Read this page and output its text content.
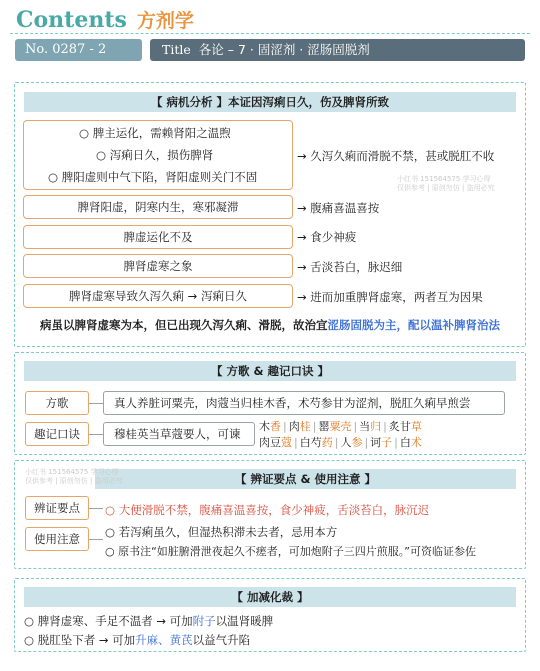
Contents 方剂学
No. 0287 - 2	Title 各论 – 7 · 固涩剂 · 涩肠固脱剂
【 病机分析 】本证因泻痢日久，伤及脾肾所致
○ 脾主运化，需赖肾阳之温煦
○ 泻痢日久，损伤脾肾
○ 脾阳虚则中气下陷，肾阳虚则关门不固
→ 久泻久痢而滑脱不禁，甚或脱肛不收
脾肾阳虚，阴寒内生，寒邪凝滞	→ 腹痛喜温喜按
脾虚运化不及	→ 食少神疲
脾肾虚寒之象	→ 舌淡苔白，脉迟细
脾肾虚寒导致久泻久痢 → 泻痢日久	→ 进而加重脾肾虚寒，两者互为因果
病虽以脾肾虚寒为本，但已出现久泻久痢、滑脱，故治宜涩肠固脱为主，配以温补脾肾治法
小红书 151564575 学习心得
仅供参考 | 原创勿仿 | 盗用必究
【 方歌 & 趣记口诀 】
方歌	真人养脏诃粟壳，肉蔻当归桂木香，术芍参甘为涩剂，脱肛久痢早煎尝
趣记口诀	穆桂英当草蔻要人，可谏
木香 | 肉桂 | 罂粟壳 | 当归 | 炙甘草
肉豆蔻 | 白芍药 | 人参 | 诃子 | 白术
【 辨证要点 & 使用注意 】
小红书 151564575 学习心得
仅供参考 | 原创勿仿 | 盗用必究
辨证要点	○ 大便滑脱不禁，腹痛喜温喜按，食少神疲，舌淡苔白，脉沉迟
使用注意	○ 若泻痢虽久，但湿热积滞未去者，忌用本方
○ 原书注“如脏腑滑泄夜起久不瘥者，可加炮附子三四片煎服。”可资临证参佐
【 加减化裁 】
○ 脾肾虚寒、手足不温者 → 可加附子以温肾暖脾
○ 脱肛坠下者 → 可加升麻、黄芪以益气升陷
